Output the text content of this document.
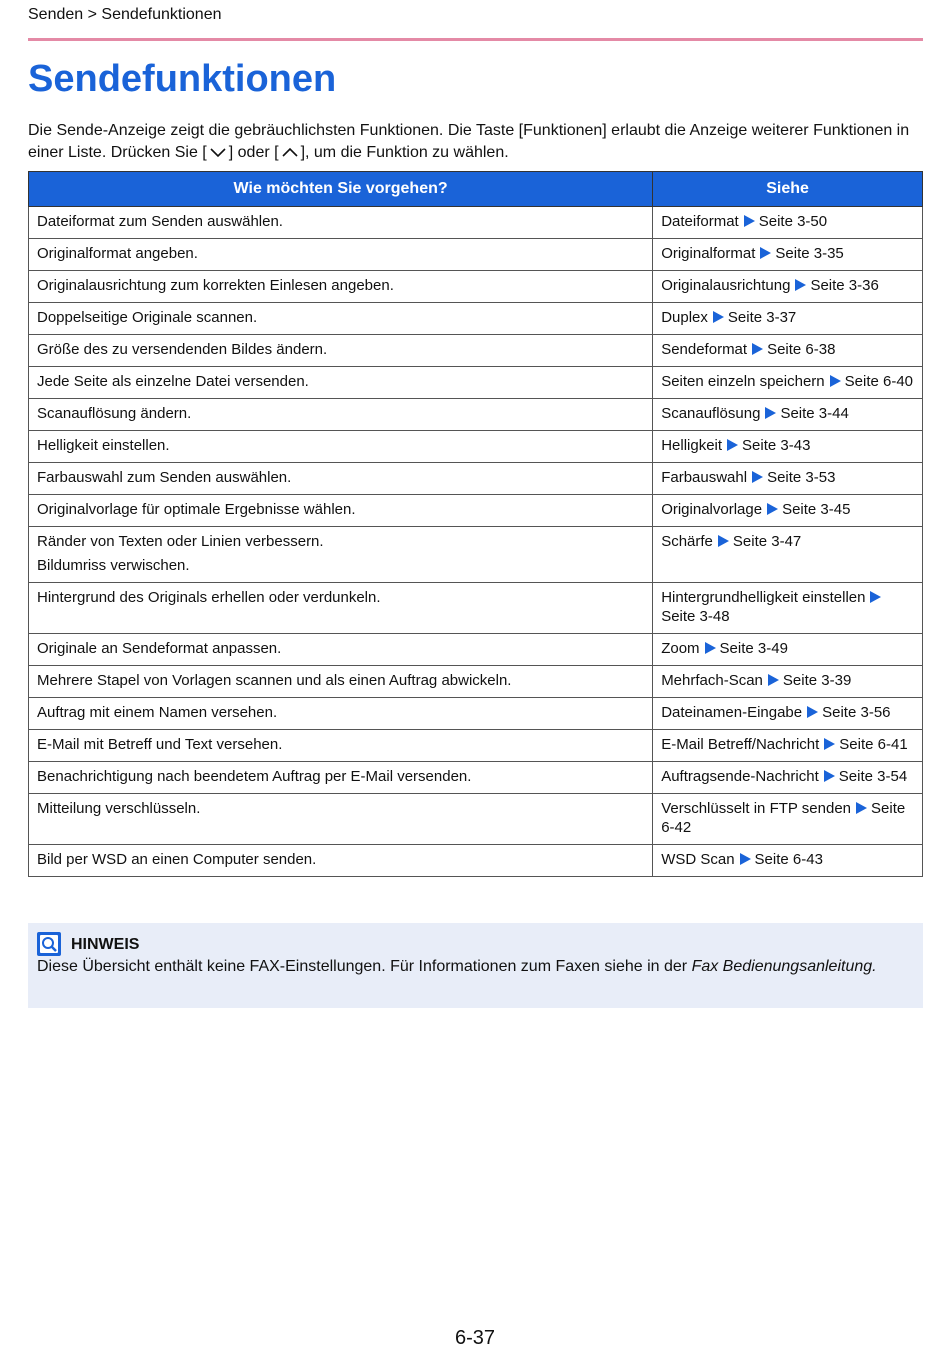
Senden > Sendefunktionen
Sendefunktionen

Die Sende-Anzeige zeigt die gebräuchlichsten Funktionen. Die Taste [Funktionen] erlaubt die Anzeige weiterer Funktionen in einer Liste. Drücken Sie [ ] oder [ ], um die Funktion zu wählen.

Wie möchten Sie vorgehen?	Siehe
Dateiformat zum Senden auswählen.	Dateiformat Seite 3-50
Originalformat angeben.	Originalformat Seite 3-35
Originalausrichtung zum korrekten Einlesen angeben.	Originalausrichtung Seite 3-36
Doppelseitige Originale scannen.	Duplex Seite 3-37
Größe des zu versendenden Bildes ändern.	Sendeformat Seite 6-38
Jede Seite als einzelne Datei versenden.	Seiten einzeln speichern Seite 6-40
Scanauflösung ändern.	Scanauflösung Seite 3-44
Helligkeit einstellen.	Helligkeit Seite 3-43
Farbauswahl zum Senden auswählen.	Farbauswahl Seite 3-53
Originalvorlage für optimale Ergebnisse wählen.	Originalvorlage Seite 3-45
Ränder von Texten oder Linien verbessern.
Bildumriss verwischen.	Schärfe Seite 3-47
Hintergrund des Originals erhellen oder verdunkeln.	Hintergrundhelligkeit einstellenSeite 3-48
Originale an Sendeformat anpassen.	Zoom Seite 3-49
Mehrere Stapel von Vorlagen scannen und als einen Auftrag abwickeln.	Mehrfach-Scan Seite 3-39
Auftrag mit einem Namen versehen.	Dateinamen-Eingabe Seite 3-56
E-Mail mit Betreff und Text versehen.	E-Mail Betreff/Nachricht Seite 6-41
Benachrichtigung nach beendetem Auftrag per E-Mail versenden.	Auftragsende-Nachricht Seite 3-54
Mitteilung verschlüsseln.	Verschlüsselt in FTP senden Seite 6-42
Bild per WSD an einen Computer senden.	WSD Scan Seite 6-43
HINWEIS
Diese Übersicht enthält keine FAX-Einstellungen. Für Informationen zum Faxen siehe in der Fax Bedienungsanleitung.
6-37
